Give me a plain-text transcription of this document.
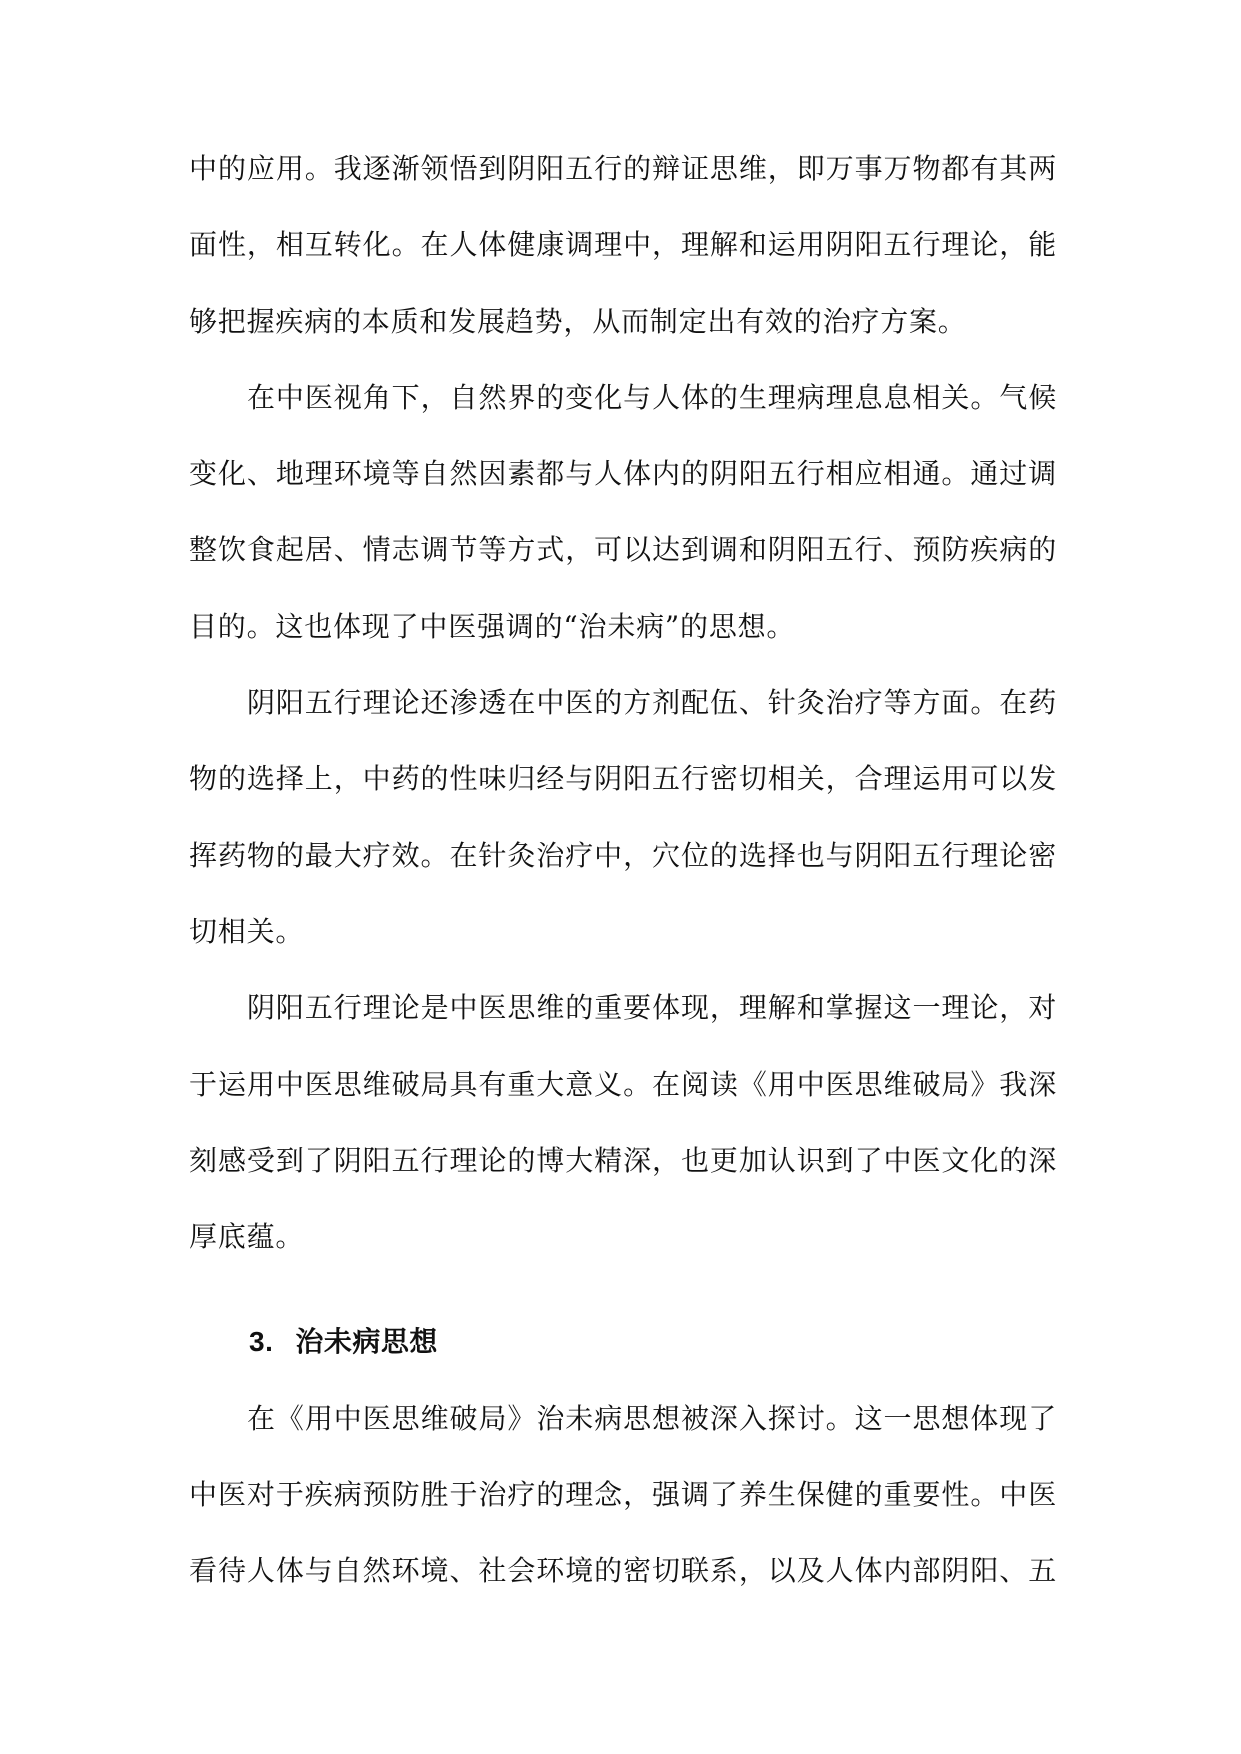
中的应用。我逐渐领悟到阴阳五行的辩证思维，即万事万物都有其两
面性，相互转化。在人体健康调理中，理解和运用阴阳五行理论，能
够把握疾病的本质和发展趋势，从而制定出有效的治疗方案。
在中医视角下，自然界的变化与人体的生理病理息息相关。气候
变化、地理环境等自然因素都与人体内的阴阳五行相应相通。通过调
整饮食起居、情志调节等方式，可以达到调和阴阳五行、预防疾病的
目的。这也体现了中医强调的“治未病”的思想。
阴阳五行理论还渗透在中医的方剂配伍、针灸治疗等方面。在药
物的选择上，中药的性味归经与阴阳五行密切相关，合理运用可以发
挥药物的最大疗效。在针灸治疗中，穴位的选择也与阴阳五行理论密
切相关。
阴阳五行理论是中医思维的重要体现，理解和掌握这一理论，对
于运用中医思维破局具有重大意义。在阅读《用中医思维破局》我深
刻感受到了阴阳五行理论的博大精深，也更加认识到了中医文化的深
厚底蕴。
3. 治未病思想
在《用中医思维破局》治未病思想被深入探讨。这一思想体现了
中医对于疾病预防胜于治疗的理念，强调了养生保健的重要性。中医
看待人体与自然环境、社会环境的密切联系，以及人体内部阴阳、五
